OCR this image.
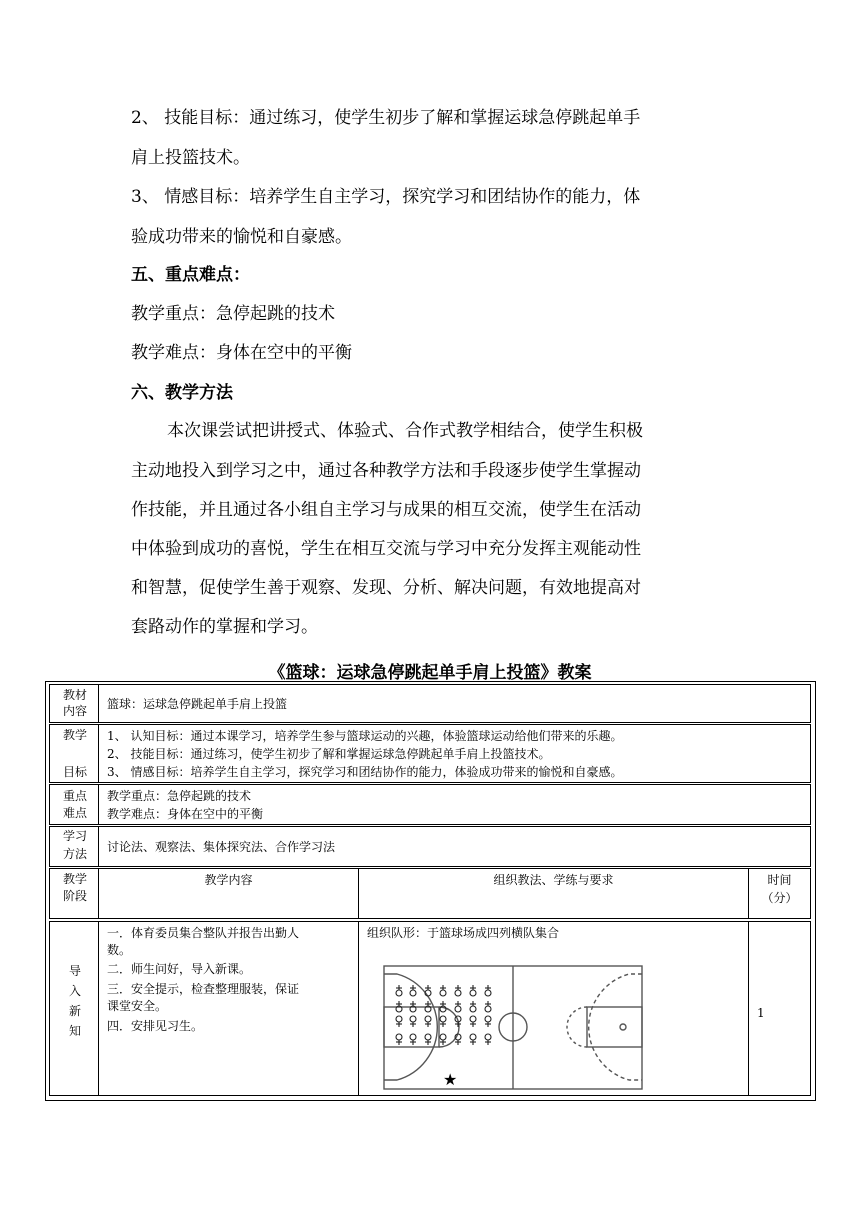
2、 技能目标：通过练习，使学生初步了解和掌握运球急停跳起单手
肩上投篮技术。
3、 情感目标：培养学生自主学习，探究学习和团结协作的能力，体
验成功带来的愉悦和自豪感。
五、重点难点：
教学重点：急停起跳的技术
教学难点：身体在空中的平衡
六、教学方法
本次课尝试把讲授式、体验式、合作式教学相结合，使学生积极
主动地投入到学习之中，通过各种教学方法和手段逐步使学生掌握动
作技能，并且通过各小组自主学习与成果的相互交流，使学生在活动
中体验到成功的喜悦，学生在相互交流与学习中充分发挥主观能动性
和智慧，促使学生善于观察、发现、分析、解决问题，有效地提高对
套路动作的掌握和学习。
《篮球：运球急停跳起单手肩上投篮》教案
教材
内容 篮球：运球急停跳起单手肩上投篮
教学
目标
1、 认知目标：通过本课学习，培养学生参与篮球运动的兴趣，体验篮球运动给他们带来的乐趣。
2、 技能目标：通过练习，使学生初步了解和掌握运球急停跳起单手肩上投篮技术。
3、 情感目标：培养学生自主学习，探究学习和团结协作的能力，体验成功带来的愉悦和自豪感。
重点
难点
教学重点：急停起跳的技术
教学难点：身体在空中的平衡
学习
方法 讨论法、观察法、集体探究法、合作学习法
教学
阶段
教学内容	组织教法、学练与要求	时间
（分）
导
入
新
知
一．体育委员集合整队并报告出勤人
数。
二．师生问好，导入新课。
三．安全提示，检查整理服装，保证
课堂安全。
四．安排见习生。
组织队形：于篮球场成四列横队集合
★
1
